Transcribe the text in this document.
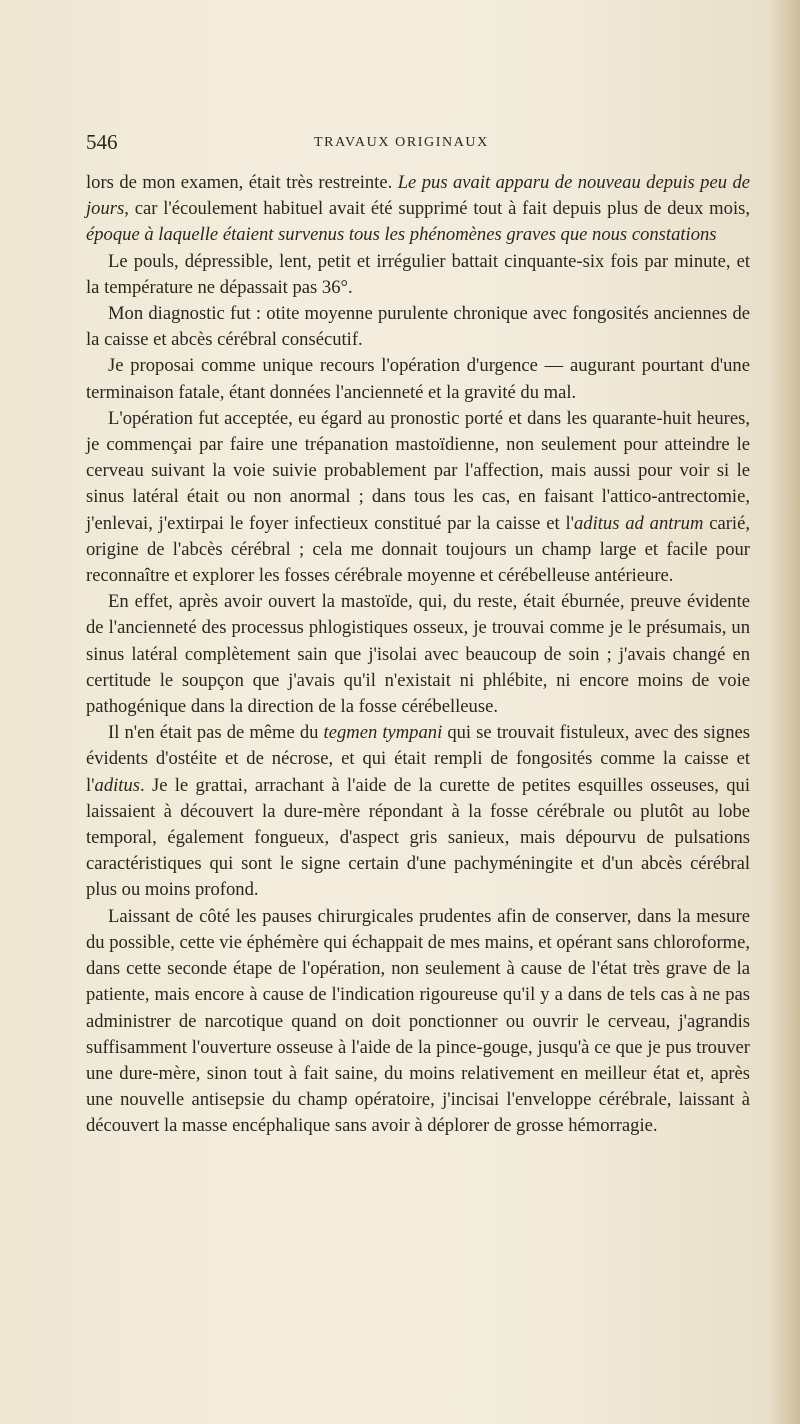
546	TRAVAUX ORIGINAUX

lors de mon examen, était très restreinte. Le pus avait apparu de nouveau depuis peu de jours, car l'écoulement habituel avait été supprimé tout à fait depuis plus de deux mois, époque à laquelle étaient survenus tous les phénomènes graves que nous constations

Le pouls, dépressible, lent, petit et irrégulier battait cinquante-six fois par minute, et la température ne dépassait pas 36°.

Mon diagnostic fut : otite moyenne purulente chronique avec fongosités anciennes de la caisse et abcès cérébral consécutif.

Je proposai comme unique recours l'opération d'urgence — augurant pourtant d'une terminaison fatale, étant données l'ancienneté et la gravité du mal.

L'opération fut acceptée, eu égard au pronostic porté et dans les quarante-huit heures, je commençai par faire une trépanation mastoïdienne, non seulement pour atteindre le cerveau suivant la voie suivie probablement par l'affection, mais aussi pour voir si le sinus latéral était ou non anormal ; dans tous les cas, en faisant l'attico-antrectomie, j'enlevai, j'extirpai le foyer infectieux constitué par la caisse et l'aditus ad antrum carié, origine de l'abcès cérébral ; cela me donnait toujours un champ large et facile pour reconnaître et explorer les fosses cérébrale moyenne et cérébelleuse antérieure.

En effet, après avoir ouvert la mastoïde, qui, du reste, était éburnée, preuve évidente de l'ancienneté des processus phlogistiques osseux, je trouvai comme je le présumais, un sinus latéral complètement sain que j'isolai avec beaucoup de soin ; j'avais changé en certitude le soupçon que j'avais qu'il n'existait ni phlébite, ni encore moins de voie pathogénique dans la direction de la fosse cérébelleuse.

Il n'en était pas de même du tegmen tympani qui se trouvait fistuleux, avec des signes évidents d'ostéite et de nécrose, et qui était rempli de fongosités comme la caisse et l'aditus. Je le grattai, arrachant à l'aide de la curette de petites esquilles osseuses, qui laissaient à découvert la dure-mère répondant à la fosse cérébrale ou plutôt au lobe temporal, également fongueux, d'aspect gris sanieux, mais dépourvu de pulsations caractéristiques qui sont le signe certain d'une pachyméningite et d'un abcès cérébral plus ou moins profond.

Laissant de côté les pauses chirurgicales prudentes afin de conserver, dans la mesure du possible, cette vie éphémère qui échappait de mes mains, et opérant sans chloroforme, dans cette seconde étape de l'opération, non seulement à cause de l'état très grave de la patiente, mais encore à cause de l'indication rigoureuse qu'il y a dans de tels cas à ne pas administrer de narcotique quand on doit ponctionner ou ouvrir le cerveau, j'agrandis suffisamment l'ouverture osseuse à l'aide de la pince-gouge, jusqu'à ce que je pus trouver une dure-mère, sinon tout à fait saine, du moins relativement en meilleur état et, après une nouvelle antisepsie du champ opératoire, j'incisai l'enveloppe cérébrale, laissant à découvert la masse encéphalique sans avoir à déplorer de grosse hémorragie.
